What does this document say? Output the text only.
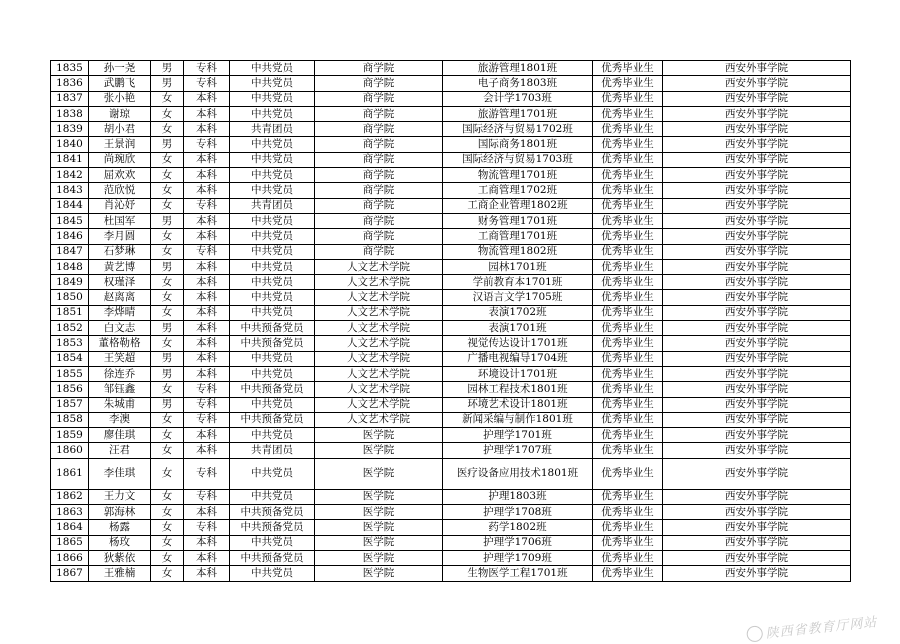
1835	孙一尧	男	专科	中共党员	商学院	旅游管理1801班	优秀毕业生	西安外事学院
1836	武鹏飞	男	专科	中共党员	商学院	电子商务1803班	优秀毕业生	西安外事学院
1837	张小艳	女	本科	中共党员	商学院	会计学1703班	优秀毕业生	西安外事学院
1838	谢琼	女	本科	中共党员	商学院	旅游管理1701班	优秀毕业生	西安外事学院
1839	胡小君	女	本科	共青团员	商学院	国际经济与贸易1702班	优秀毕业生	西安外事学院
1840	王景润	男	专科	中共党员	商学院	国际商务1801班	优秀毕业生	西安外事学院
1841	尚琬欣	女	本科	中共党员	商学院	国际经济与贸易1703班	优秀毕业生	西安外事学院
1842	屈欢欢	女	本科	中共党员	商学院	物流管理1701班	优秀毕业生	西安外事学院
1843	范欣悦	女	本科	中共党员	商学院	工商管理1702班	优秀毕业生	西安外事学院
1844	肖沁妤	女	专科	共青团员	商学院	工商企业管理1802班	优秀毕业生	西安外事学院
1845	杜国军	男	本科	中共党员	商学院	财务管理1701班	优秀毕业生	西安外事学院
1846	李月圆	女	本科	中共党员	商学院	工商管理1701班	优秀毕业生	西安外事学院
1847	石梦琳	女	专科	中共党员	商学院	物流管理1802班	优秀毕业生	西安外事学院
1848	黄艺博	男	本科	中共党员	人文艺术学院	园林1701班	优秀毕业生	西安外事学院
1849	权瑾泽	女	本科	中共党员	人文艺术学院	学前教育本1701班	优秀毕业生	西安外事学院
1850	赵离离	女	本科	中共党员	人文艺术学院	汉语言文学1705班	优秀毕业生	西安外事学院
1851	李烨晴	女	本科	中共党员	人文艺术学院	表演1702班	优秀毕业生	西安外事学院
1852	白文志	男	本科	中共预备党员	人文艺术学院	表演1701班	优秀毕业生	西安外事学院
1853	董格勒格	女	本科	中共预备党员	人文艺术学院	视觉传达设计1701班	优秀毕业生	西安外事学院
1854	王笑超	男	本科	中共党员	人文艺术学院	广播电视编导1704班	优秀毕业生	西安外事学院
1855	徐连乔	男	本科	中共党员	人文艺术学院	环境设计1701班	优秀毕业生	西安外事学院
1856	邹钰鑫	女	专科	中共预备党员	人文艺术学院	园林工程技术1801班	优秀毕业生	西安外事学院
1857	朱城甫	男	专科	中共党员	人文艺术学院	环境艺术设计1801班	优秀毕业生	西安外事学院
1858	李澳	女	专科	中共预备党员	人文艺术学院	新闻采编与制作1801班	优秀毕业生	西安外事学院
1859	廖佳琪	女	本科	中共党员	医学院	护理学1701班	优秀毕业生	西安外事学院
1860	汪君	女	本科	共青团员	医学院	护理学1707班	优秀毕业生	西安外事学院
1861	李佳琪	女	专科	中共党员	医学院	医疗设备应用技术1801班	优秀毕业生	西安外事学院
1862	王力文	女	专科	中共党员	医学院	护理1803班	优秀毕业生	西安外事学院
1863	郭海林	女	本科	中共预备党员	医学院	护理学1708班	优秀毕业生	西安外事学院
1864	杨露	女	专科	中共预备党员	医学院	药学1802班	优秀毕业生	西安外事学院
1865	杨玫	女	本科	中共党员	医学院	护理学1706班	优秀毕业生	西安外事学院
1866	狄紫依	女	本科	中共预备党员	医学院	护理学1709班	优秀毕业生	西安外事学院
1867	王雅楠	女	本科	中共党员	医学院	生物医学工程1701班	优秀毕业生	西安外事学院
陕西省教育厅网站
